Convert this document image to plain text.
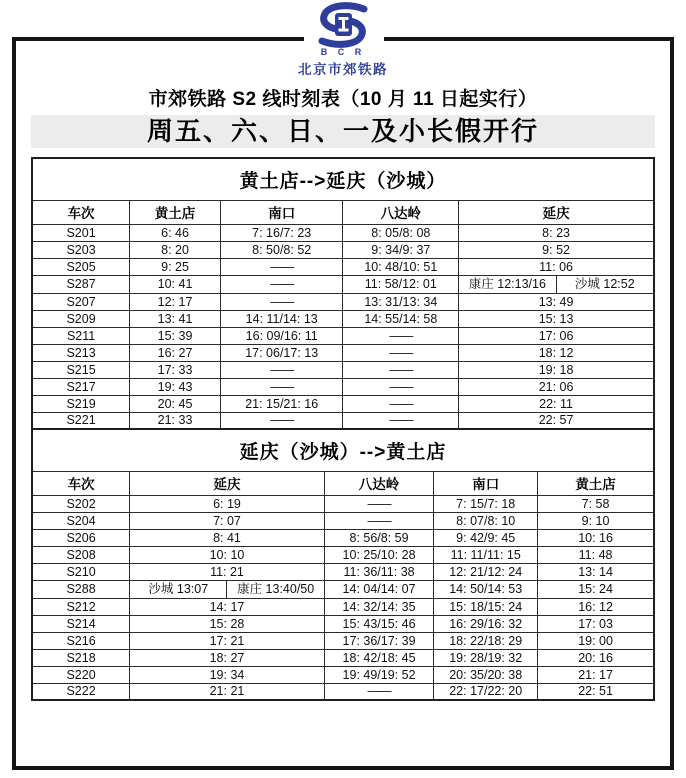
B C R
北京市郊铁路
市郊铁路 S2 线时刻表（10 月 11 日起实行）
周五、六、日、一及小长假开行
黄土店-->延庆（沙城）				
车次	黄土店	南口	八达岭	延庆
S201	6: 46	7: 16/7: 23	8: 05/8: 08	8: 23
S203	8: 20	8: 50/8: 52	9: 34/9: 37	9: 52
S205	9: 25	——	10: 48/10: 51	11: 06
S287	10: 41	——	11: 58/12: 01	康庄 12:13/16 沙城 12:52

S207	12: 17	——	13: 31/13: 34	13: 49
S209	13: 41	14: 11/14: 13	14: 55/14: 58	15: 13
S211	15: 39	16: 09/16: 11	——	17: 06
S213	16: 27	17: 06/17: 13	——	18: 12
S215	17: 33	——	——	19: 18
S217	19: 43	——	——	21: 06
S219	20: 45	21: 15/21: 16	——	22: 11
S221	21: 33	——	——	22: 57
延庆（沙城）-->黄土店				
车次	延庆	八达岭	南口	黄土店
S202	6: 19	——	7: 15/7: 18	7: 58
S204	7: 07	——	8: 07/8: 10	9: 10
S206	8: 41	8: 56/8: 59	9: 42/9: 45	10: 16
S208	10: 10	10: 25/10: 28	11: 11/11: 15	11: 48
S210	11: 21	11: 36/11: 38	12: 21/12: 24	13: 14
S288	沙城 13:07 康庄 13:40/50	14: 04/14: 07	14: 50/14: 53	15: 24
S212	14: 17	14: 32/14: 35	15: 18/15: 24	16: 12
S214	15: 28	15: 43/15: 46	16: 29/16: 32	17: 03
S216	17: 21	17: 36/17: 39	18: 22/18: 29	19: 00
S218	18: 27	18: 42/18: 45	19: 28/19: 32	20: 16
S220	19: 34	19: 49/19: 52	20: 35/20: 38	21: 17
S222	21: 21	——	22: 17/22: 20	22: 51
